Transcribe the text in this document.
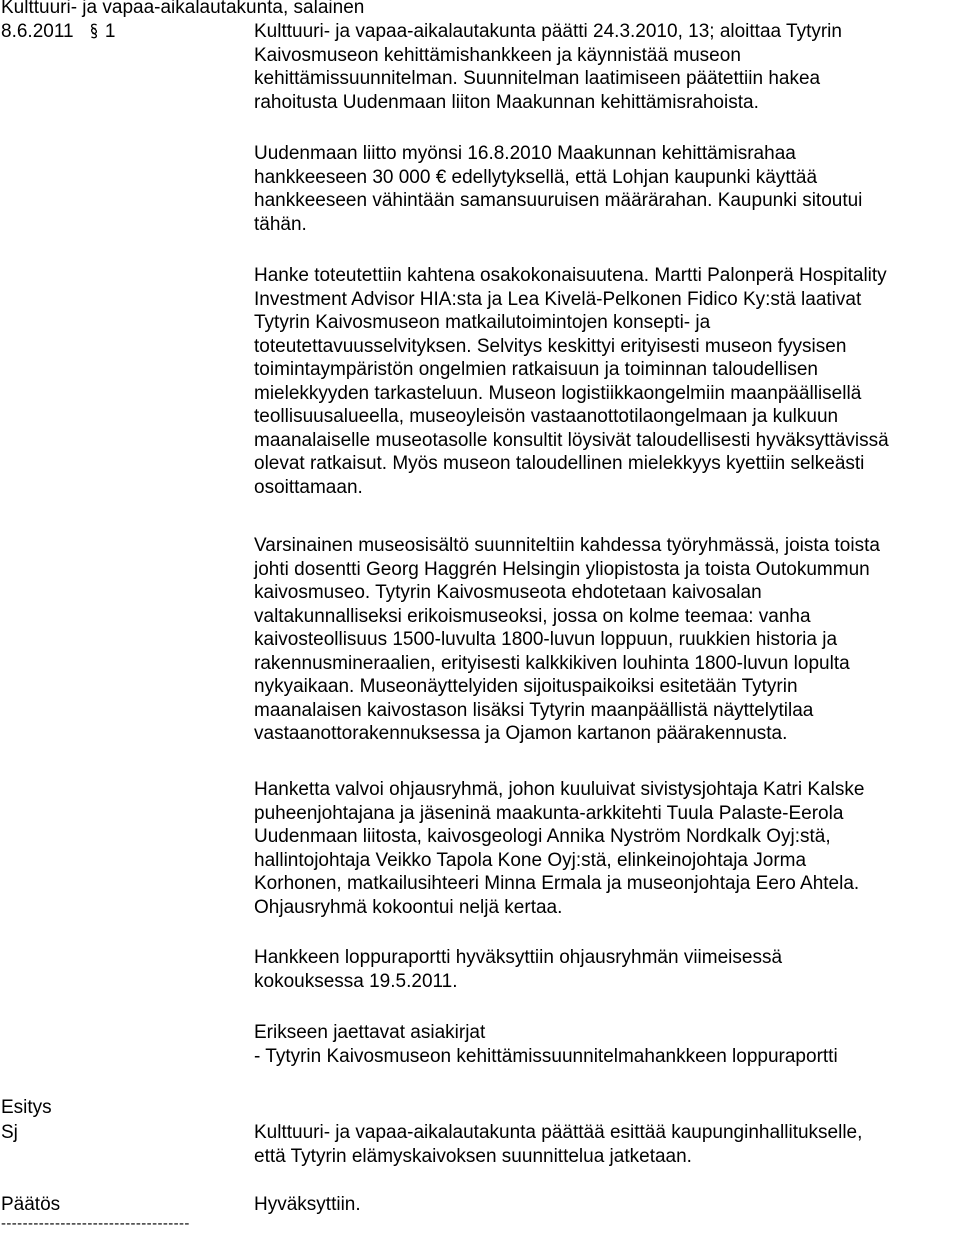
Kulttuuri- ja vapaa-aikalautakunta, salainen
8.6.2011 1	Kulttuuri- ja vapaa-aikalautakunta päätti 24.3.2010, 13; aloittaa Tytyrin
Kaivosmuseon kehittämishankkeen ja käynnistää museon
kehittämissuunnitelman. Suunnitelman laatimiseen päätettiin hakea
rahoitusta Uudenmaan liiton Maakunnan kehittämisrahoista.

Uudenmaan liitto myönsi 16.8.2010 Maakunnan kehittämisrahaa
hankkeeseen 30 000 € edellytyksellä, että Lohjan kaupunki käyttää
hankkeeseen vähintään samansuuruisen määrärahan. Kaupunki sitoutui
tähän.

Hanke toteutettiin kahtena osakokonaisuutena. Martti Palonperä Hospitality
Investment Advisor HIA:sta ja Lea Kivelä-Pelkonen Fidico Ky:stä laativat
Tytyrin Kaivosmuseon matkailutoimintojen konsepti- ja
toteutettavuusselvityksen. Selvitys keskittyi erityisesti museon fyysisen
toimintaympäristön ongelmien ratkaisuun ja toiminnan taloudellisen
mielekkyyden tarkasteluun. Museon logistiikkaongelmiin maanpäällisellä
teollisuusalueella, museoyleisön vastaanottotilaongelmaan ja kulkuun
maanalaiselle museotasolle konsultit löysivät taloudellisesti hyväksyttävissä
olevat ratkaisut. Myös museon taloudellinen mielekkyys kyettiin selkeästi
osoittamaan.

Varsinainen museosisältö suunniteltiin kahdessa työryhmässä, joista toista
johti dosentti Georg Haggrén Helsingin yliopistosta ja toista Outokummun
kaivosmuseo. Tytyrin Kaivosmuseota ehdotetaan kaivosalan
valtakunnalliseksi erikoismuseoksi, jossa on kolme teemaa: vanha
kaivosteollisuus 1500-luvulta 1800-luvun loppuun, ruukkien historia ja
rakennusmineraalien, erityisesti kalkkikiven louhinta 1800-luvun lopulta
nykyaikaan. Museonäyttelyiden sijoituspaikoiksi esitetään Tytyrin
maanalaisen kaivostason lisäksi Tytyrin maanpäällistä näyttelytilaa
vastaanottorakennuksessa ja Ojamon kartanon päärakennusta.

Hanketta valvoi ohjausryhmä, johon kuuluivat sivistysjohtaja Katri Kalske
puheenjohtajana ja jäseninä maakunta-arkkitehti Tuula Palaste-Eerola
Uudenmaan liitosta, kaivosgeologi Annika Nyström Nordkalk Oyj:stä,
hallintojohtaja Veikko Tapola Kone Oyj:stä, elinkeinojohtaja Jorma
Korhonen, matkailusihteeri Minna Ermala ja museonjohtaja Eero Ahtela.
Ohjausryhmä kokoontui neljä kertaa.

Hankkeen loppuraportti hyväksyttiin ohjausryhmän viimeisessä
kokouksessa 19.5.2011.

Erikseen jaettavat asiakirjat
- Tytyrin Kaivosmuseon kehittämissuunnitelmahankkeen loppuraportti

Esitys
Sj	Kulttuuri- ja vapaa-aikalautakunta päättää esittää kaupunginhallitukselle,
että Tytyrin elämyskaivoksen suunnittelua jatketaan.

Päätös	Hyväksyttiin.

-----------------------------------
